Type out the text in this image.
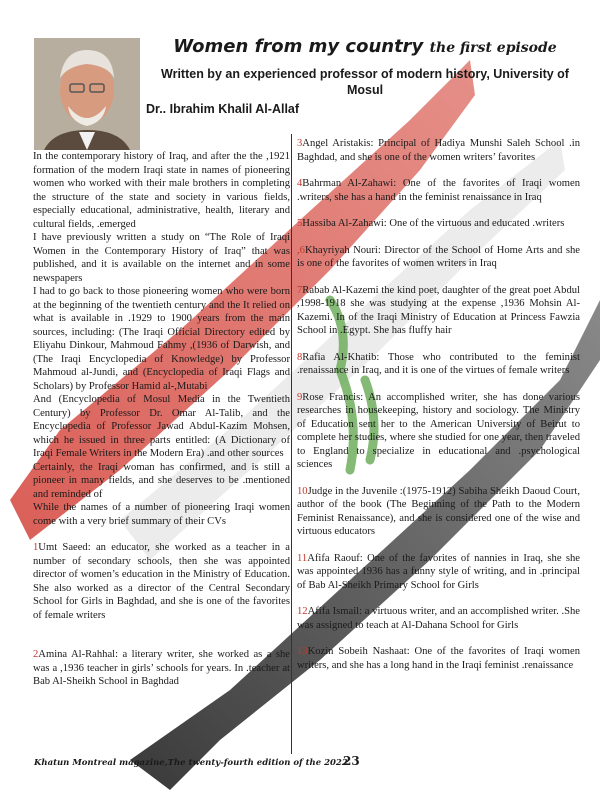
Women from my country the first episode
Written by an experienced professor of modern history, University of Mosul
Dr.. Ibrahim Khalil Al-Allaf

In the contemporary history of Iraq, and after the the ,1921 formation of the modern Iraqi state in names of pioneering women who worked with their male brothers in completing the structure of the state and society in various fields, especially educational, administrative, health, literary and cultural fields, .emerged

I have previously written a study on “The Role of Iraqi Women in the Contemporary History of Iraq” that was published, and it is available on the internet and in some newspapers

I had to go back to those pioneering women who were born at the beginning of the twentieth century and the It relied on what is available in .1929 to 1900 years from the main sources, including: (The Iraqi Official Directory edited by Eliyahu Dinkour, Mahmoud Fahmy ,(1936 of Darwish, and (The Iraqi Encyclopedia of Knowledge) by Professor Mahmoud al-Jundi, and (Encyclopedia of Iraqi Flags and Scholars) by Professor Hamid al-,Mutabi

And (Encyclopedia of Mosul Media in the Twentieth Century) by Professor Dr. Omar Al-Talib, and the Encyclopedia of Professor Jawad Abdul-Kazim Mohsen, which he issued in three parts entitled: (A Dictionary of Iraqi Female Writers in the Modern Era) .and other sources

Certainly, the Iraqi woman has confirmed, and is still a pioneer in many fields, and she deserves to be .mentioned and reminded of

While the names of a number of pioneering Iraqi women come with a very brief summary of their CVs

1Umt Saeed: an educator, she worked as a teacher in a number of secondary schools, then she was appointed director of women’s education in the Ministry of Education. She also worked as a director of the Central Secondary School for Girls in Baghdad, and she is one of the favorites of female writers

2Amina Al-Rahhal: a literary writer, she worked as a she was a ,1936 teacher in girls’ schools for years. In .teacher at Bab Al-Sheikh School in Baghdad

3Angel Aristakis: Principal of Hadiya Munshi Saleh School .in Baghdad, and she is one of the women writers’ favorites

4Bahrman Al-Zahawi: One of the favorites of Iraqi women .writers, she has a hand in the feminist renaissance in Iraq

5Hassiba Al-Zahawi: One of the virtuous and educated .writers

,6Khayriyah Nouri: Director of the School of Home Arts and she is one of the favorites of women writers in Iraq

7Rabab Al-Kazemi the kind poet, daughter of the great poet Abdul ,1998-1918 she was studying at the expense ,1936 Mohsin Al-Kazemi. In of the Iraqi Ministry of Education at Princess Fawzia School in .Egypt. She has fluffy hair

8Rafia Al-Khatib: Those who contributed to the feminist .renaissance in Iraq, and it is one of the virtues of female writers

9Rose Francis: An accomplished writer, she has done various researches in housekeeping, history and sociology. The Ministry of Education sent her to the American University of Beirut to complete her studies, where she studied for one year, then traveled to England to specialize in educational and .psychological sciences

10Judge in the Juvenile :(1975-1912) Sabiha Sheikh Daoud Court, author of the book (The Beginning of the Path to the Modern Feminist Renaissance), and she is considered one of the wise and virtuous educators

11Afifa Raouf: One of the favorites of nannies in Iraq, she she was appointed 1936 has a funny style of writing, and in .principal of Bab Al-Sheikh Primary School for Girls

12Afifa Ismail: a virtuous writer, and an accomplished writer. .She was assigned to teach at Al-Dahana School for Girls

13Kozin Sobeih Nashaat: One of the favorites of Iraqi women writers, and she has a long hand in the Iraqi feminist .renaissance

Khatun Montreal magazine,The twenty-fourth edition of the 2022
23
